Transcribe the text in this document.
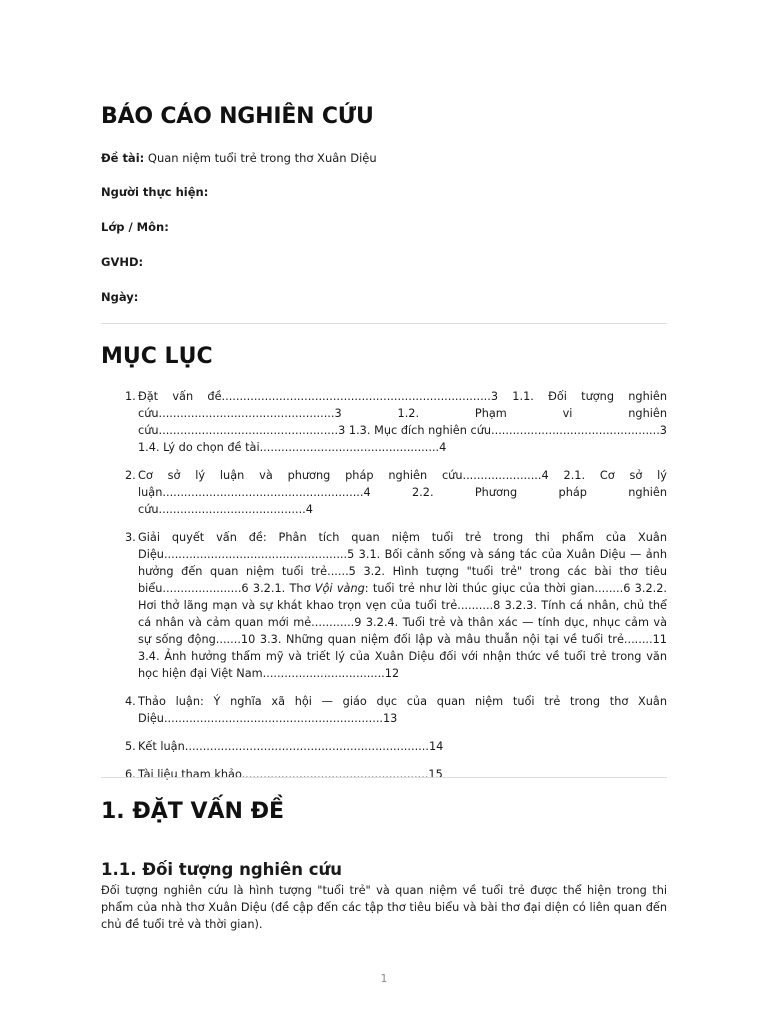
BÁO CÁO NGHIÊN CỨU
Đề tài: Quan niệm tuổi trẻ trong thơ Xuân Diệu
Người thực hiện:
Lớp / Môn:
GVHD:
Ngày:
MỤC LỤC
1. Đặt vấn đề...........................................................................3 1.1. Đối tượng nghiên cứu.................................................3 1.2. Phạm vi nghiên cứu..................................................3 1.3. Mục đích nghiên cứu...............................................3 1.4. Lý do chọn đề tài..................................................4
2. Cơ sở lý luận và phương pháp nghiên cứu......................4 2.1. Cơ sở lý luận........................................................4 2.2. Phương pháp nghiên cứu.........................................4
3. Giải quyết vấn đề: Phân tích quan niệm tuổi trẻ trong thi phẩm của Xuân Diệu...................................................5 3.1. Bối cảnh sống và sáng tác của Xuân Diệu — ảnh hưởng đến quan niệm tuổi trẻ......5 3.2. Hình tượng "tuổi trẻ" trong các bài thơ tiêu biểu......................6 3.2.1. Thơ Vội vàng: tuổi trẻ như lời thúc giục của thời gian........6 3.2.2. Hơi thở lãng mạn và sự khát khao trọn vẹn của tuổi trẻ..........8 3.2.3. Tính cá nhân, chủ thể cá nhân và cảm quan mới mẻ............9 3.2.4. Tuổi trẻ và thân xác — tính dục, nhục cảm và sự sống động.......10 3.3. Những quan niệm đối lập và mâu thuẫn nội tại về tuổi trẻ........11 3.4. Ảnh hưởng thẩm mỹ và triết lý của Xuân Diệu đối với nhận thức về tuổi trẻ trong văn học hiện đại Việt Nam..................................12
4. Thảo luận: Ý nghĩa xã hội — giáo dục của quan niệm tuổi trẻ trong thơ Xuân Diệu.............................................................13
5. Kết luận....................................................................14
6. Tài liệu tham khảo....................................................15
1. ĐẶT VẤN ĐỀ
1.1. Đối tượng nghiên cứu

Đối tượng nghiên cứu là hình tượng "tuổi trẻ" và quan niệm về tuổi trẻ được thể hiện trong thi phẩm của nhà thơ Xuân Diệu (đề cập đến các tập thơ tiêu biểu và bài thơ đại diện có liên quan đến chủ đề tuổi trẻ và thời gian).

1
